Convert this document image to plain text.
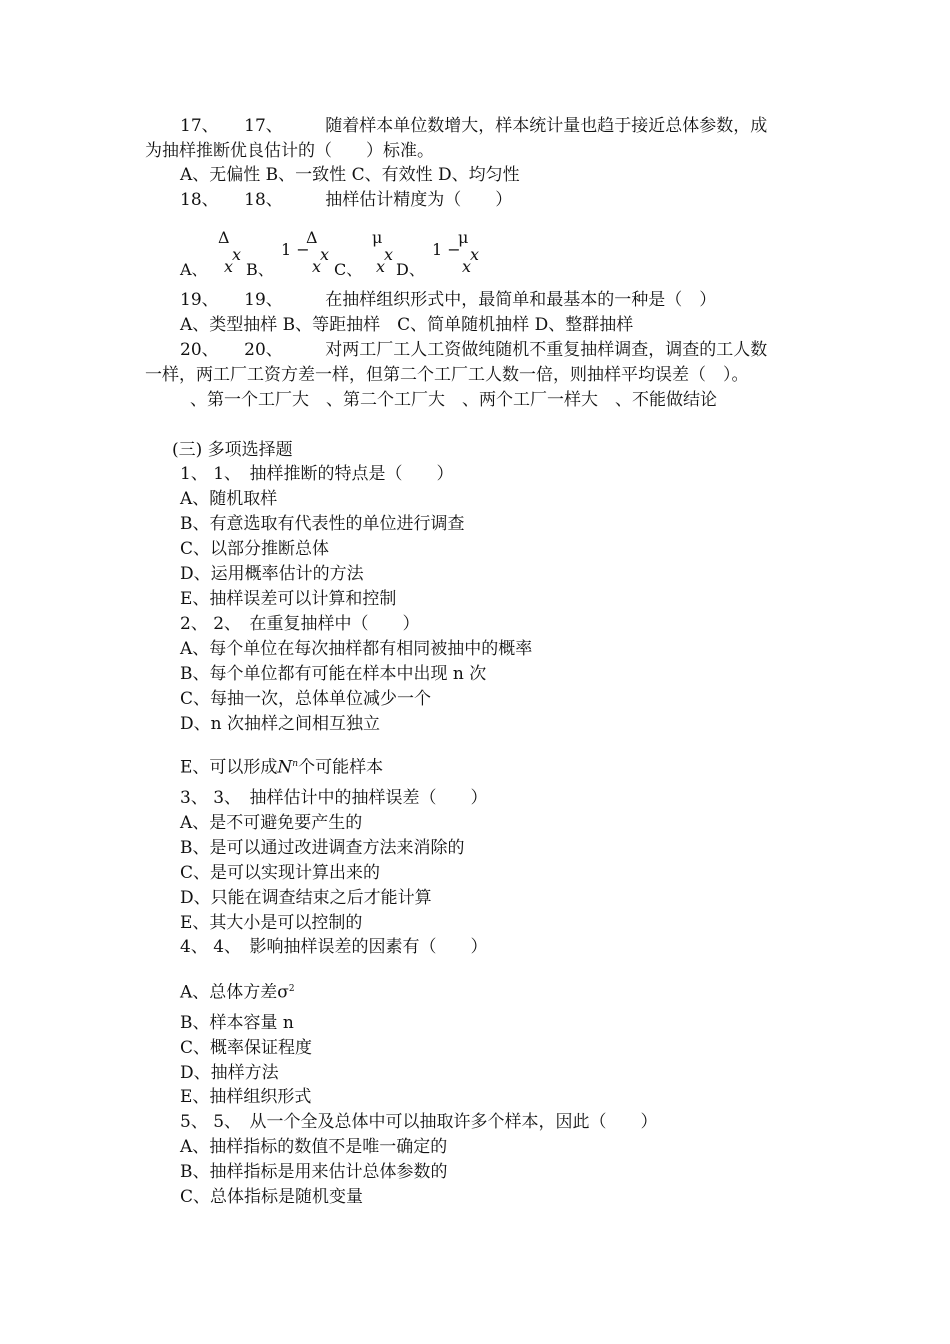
17、　　17、　　　随着样本单位数增大，样本统计量也趋于接近总体参数，成
为抽样推断优良估计的（　　）标准。
A、无偏性 B、一致性 C、有效性 D、均匀性
18、　　18、　　　抽样估计精度为（　　）
A、 B、	C、 D、
Δ
x
x
1 −
Δ
x
x
μ
x
x
1 −
μ
x
x
19、　　19、　　　在抽样组织形式中，最简单和最基本的一种是（　）
A、类型抽样 B、等距抽样　C、简单随机抽样 D、整群抽样
20、　　20、　　　对两工厂工人工资做纯随机不重复抽样调查，调查的工人数
一样，两工厂工资方差一样，但第二个工厂工人数一倍，则抽样平均误差（　）。
、第一个工厂大　、第二个工厂大　、两个工厂一样大　、不能做结论
(三) 多项选择题
1、 1、　抽样推断的特点是（　　）
A、随机取样
B、有意选取有代表性的单位进行调查
C、以部分推断总体
D、运用概率估计的方法
E、抽样误差可以计算和控制
2、 2、　在重复抽样中（　　）
A、每个单位在每次抽样都有相同被抽中的概率
B、每个单位都有可能在样本中出现 n 次
C、每抽一次，总体单位减少一个
D、n 次抽样之间相互独立
E、可以形成$N^n$个可能样本
3、 3、　抽样估计中的抽样误差（　　）
A、是不可避免要产生的
B、是可以通过改进调查方法来消除的
C、是可以实现计算出来的
D、只能在调查结束之后才能计算
E、其大小是可以控制的
4、 4、　影响抽样误差的因素有（　　）
A、总体方差$\sigma^2$
B、样本容量 n
C、概率保证程度
D、抽样方法
E、抽样组织形式
5、 5、　从一个全及总体中可以抽取许多个样本，因此（　　）
A、抽样指标的数值不是唯一确定的
B、抽样指标是用来估计总体参数的
C、总体指标是随机变量
